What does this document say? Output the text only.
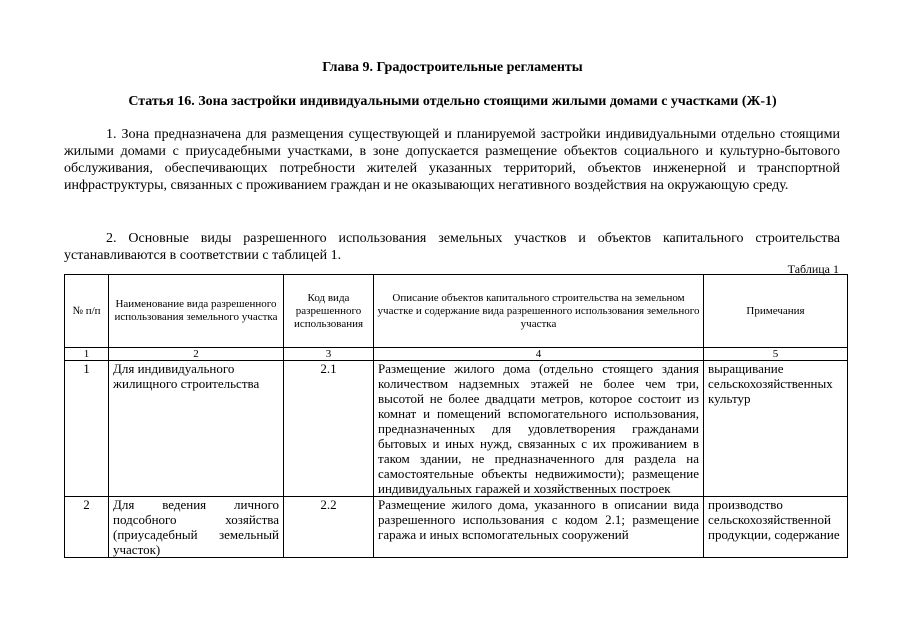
Глава 9. Градостроительные регламенты
Статья 16. Зона застройки индивидуальными отдельно стоящими жилыми домами с участками (Ж-1)

1. Зона предназначена для размещения существующей и планируемой застройки индивидуальными отдельно стоящими жилыми домами с приусадебными участками, в зоне допускается размещение объектов социального и культурно-бытового обслуживания, обеспечивающих потребности жителей указанных территорий, объектов инженерной и транспортной инфраструктуры, связанных с проживанием граждан и не оказывающих негативного воздействия на окружающую среду.

2. Основные виды разрешенного использования земельных участков и объектов капитального строительства устанавливаются в соответствии с таблицей 1.

Таблица 1
№ п/п	Наименование вида разрешенного использования земельного участка	Код вида разрешенного использования	Описание объектов капитального строительства на земельном участке и содержание вида разрешенного использования земельного участка	Примечания
1	2	3	4	5
1	Для индивидуального жилищного строительства	2.1	Размещение жилого дома (отдельно стоящего здания количеством надземных этажей не более чем три, высотой не более двадцати метров, которое состоит из комнат и помещений вспомогательного использования, предназначенных для удовлетворения гражданами бытовых и иных нужд, связанных с их проживанием в таком здании, не предназначенного для раздела на самостоятельные объекты недвижимости); размещение индивидуальных гаражей и хозяйственных построек	выращивание сельскохозяйственных культур
2	Для ведения личного подсобного хозяйства (приусадебный земельный участок)	2.2	Размещение жилого дома, указанного в описании вида разрешенного использования с кодом 2.1; размещение гаража и иных вспомогательных сооружений	производство сельскохозяйственной продукции, содержание
